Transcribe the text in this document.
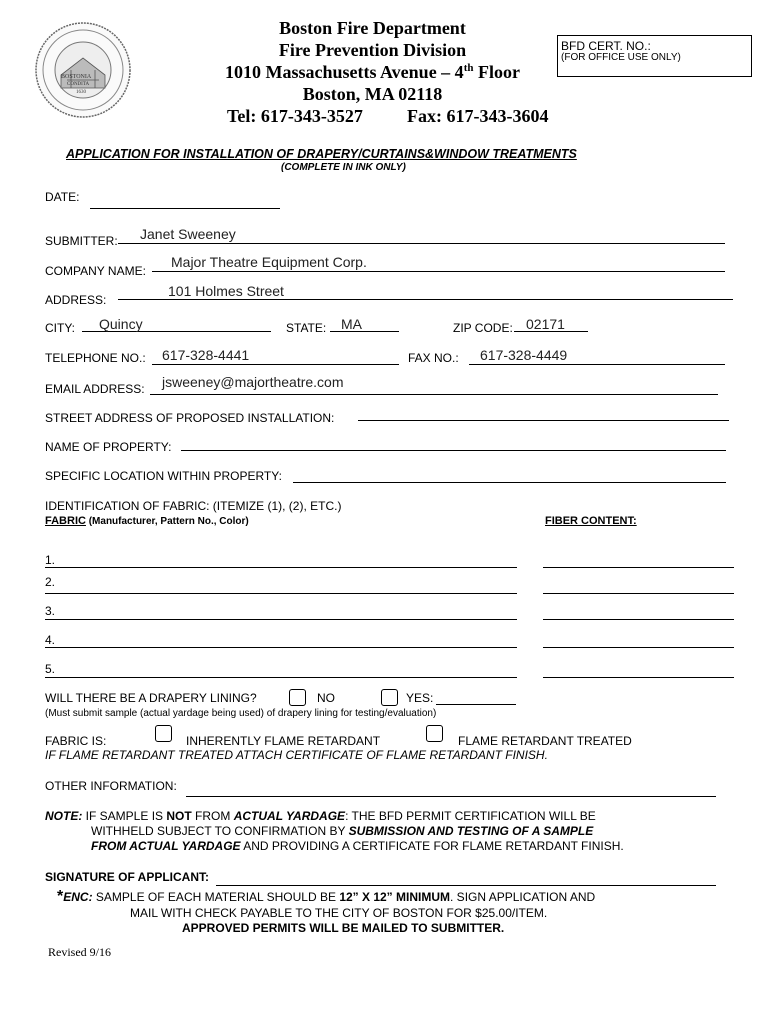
BOSTONIA
CONDITA
1630
Boston Fire Department
Fire Prevention Division
1010 Massachusetts Avenue – 4th Floor
Boston, MA 02118
Tel: 617-343-3527 Fax: 617-343-3604
BFD CERT. NO.:
(FOR OFFICE USE ONLY)
APPLICATION FOR INSTALLATION OF DRAPERY/CURTAINS&WINDOW TREATMENTS
(COMPLETE IN INK ONLY)
DATE:
SUBMITTER: Janet Sweeney
COMPANY NAME:
Major Theatre Equipment Corp.
ADDRESS:
101 Holmes Street
CITY: Quincy	STATE: MA	ZIP CODE: 02171
TELEPHONE NO.: 617-328-4441	FAX NO.: 617-328-4449
EMAIL ADDRESS: jsweeney@majortheatre.com
STREET ADDRESS OF PROPOSED INSTALLATION:
NAME OF PROPERTY:
SPECIFIC LOCATION WITHIN PROPERTY:
IDENTIFICATION OF FABRIC: (ITEMIZE (1), (2), ETC.)
FABRIC (Manufacturer, Pattern No., Color)	FIBER CONTENT:
1.
2.
3.
4.
5.
WILL THERE BE A DRAPERY LINING?	NO	YES:
(Must submit sample (actual yardage being used) of drapery lining for testing/evaluation)
FABRIC IS:	INHERENTLY FLAME RETARDANT	FLAME RETARDANT TREATED
IF FLAME RETARDANT TREATED ATTACH CERTIFICATE OF FLAME RETARDANT FINISH.
OTHER INFORMATION:
NOTE: IF SAMPLE IS NOT FROM ACTUAL YARDAGE: THE BFD PERMIT CERTIFICATION WILL BE
WITHHELD SUBJECT TO CONFIRMATION BY SUBMISSION AND TESTING OF A SAMPLE
FROM ACTUAL YARDAGE AND PROVIDING A CERTIFICATE FOR FLAME RETARDANT FINISH.
SIGNATURE OF APPLICANT:
*ENC: SAMPLE OF EACH MATERIAL SHOULD BE 12” X 12” MINIMUM. SIGN APPLICATION AND
MAIL WITH CHECK PAYABLE TO THE CITY OF BOSTON FOR $25.00/ITEM.
APPROVED PERMITS WILL BE MAILED TO SUBMITTER.
Revised 9/16
